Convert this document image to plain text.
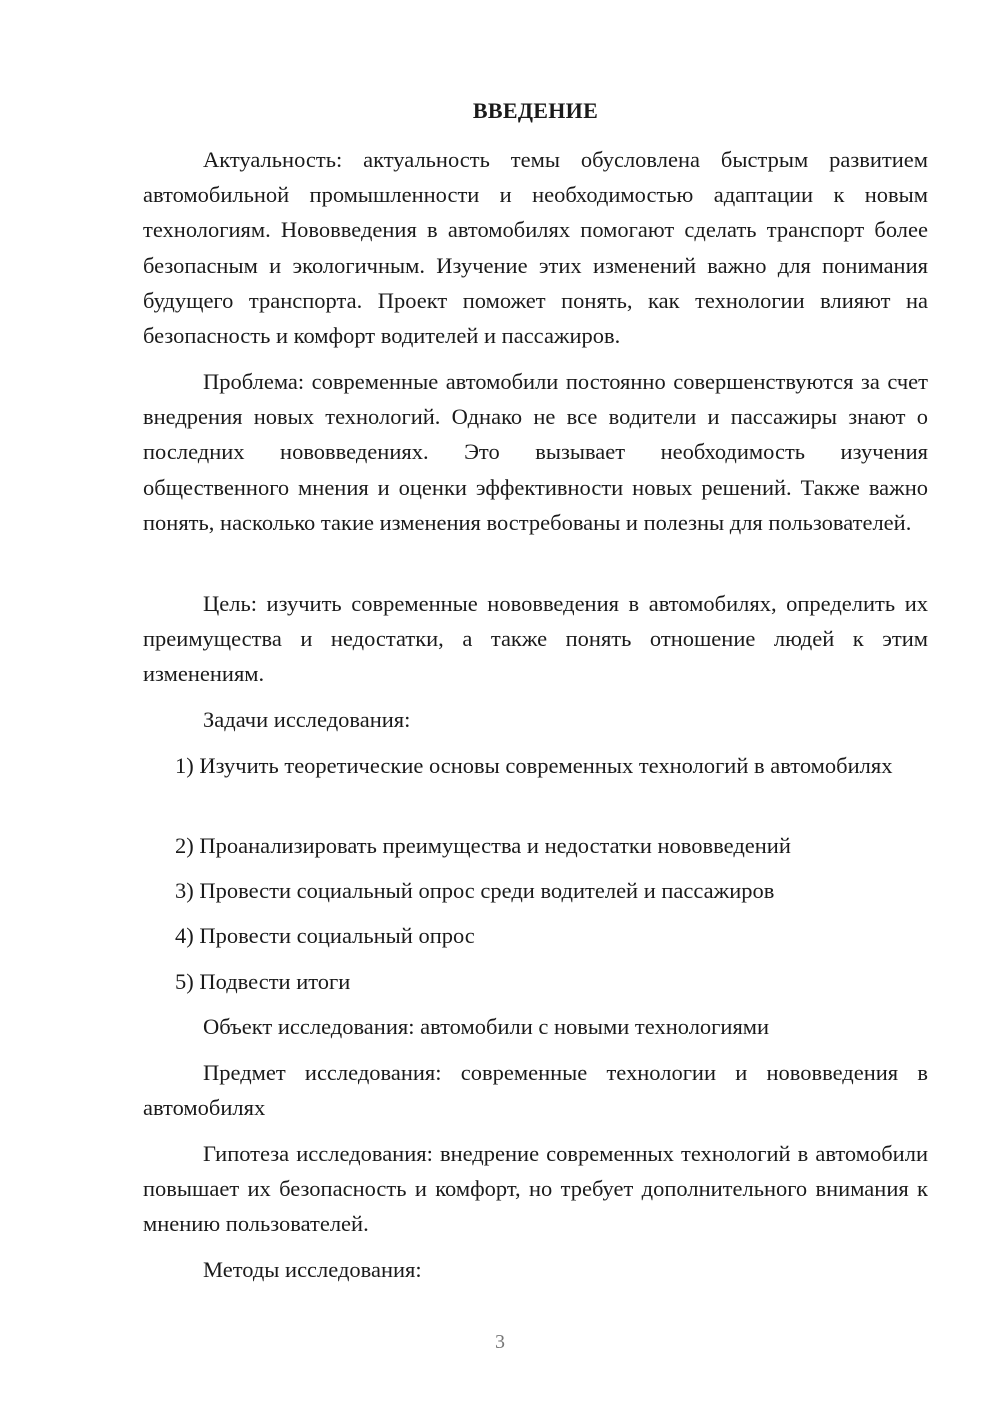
ВВЕДЕНИЕ

Актуальность: актуальность темы обусловлена быстрым развитием автомобильной промышленности и необходимостью адаптации к новым технологиям. Нововведения в автомобилях помогают сделать транспорт более безопасным и экологичным. Изучение этих изменений важно для понимания будущего транспорта. Проект поможет понять, как технологии влияют на безопасность и комфорт водителей и пассажиров.

Проблема: современные автомобили постоянно совершенствуются за счет внедрения новых технологий. Однако не все водители и пассажиры знают о последних нововведениях. Это вызывает необходимость изучения общественного мнения и оценки эффективности новых решений. Также важно понять, насколько такие изменения востребованы и полезны для пользователей.

Цель: изучить современные нововведения в автомобилях, определить их преимущества и недостатки, а также понять отношение людей к этим изменениям.

Задачи исследования:

1) Изучить теоретические основы современных технологий в автомобилях

2) Проанализировать преимущества и недостатки нововведений

3) Провести социальный опрос среди водителей и пассажиров

4) Провести социальный опрос

5) Подвести итоги

Объект исследования: автомобили с новыми технологиями

Предмет исследования: современные технологии и нововведения в автомобилях

Гипотеза исследования: внедрение современных технологий в автомобили повышает их безопасность и комфорт, но требует дополнительного внимания к мнению пользователей.

Методы исследования:

3
